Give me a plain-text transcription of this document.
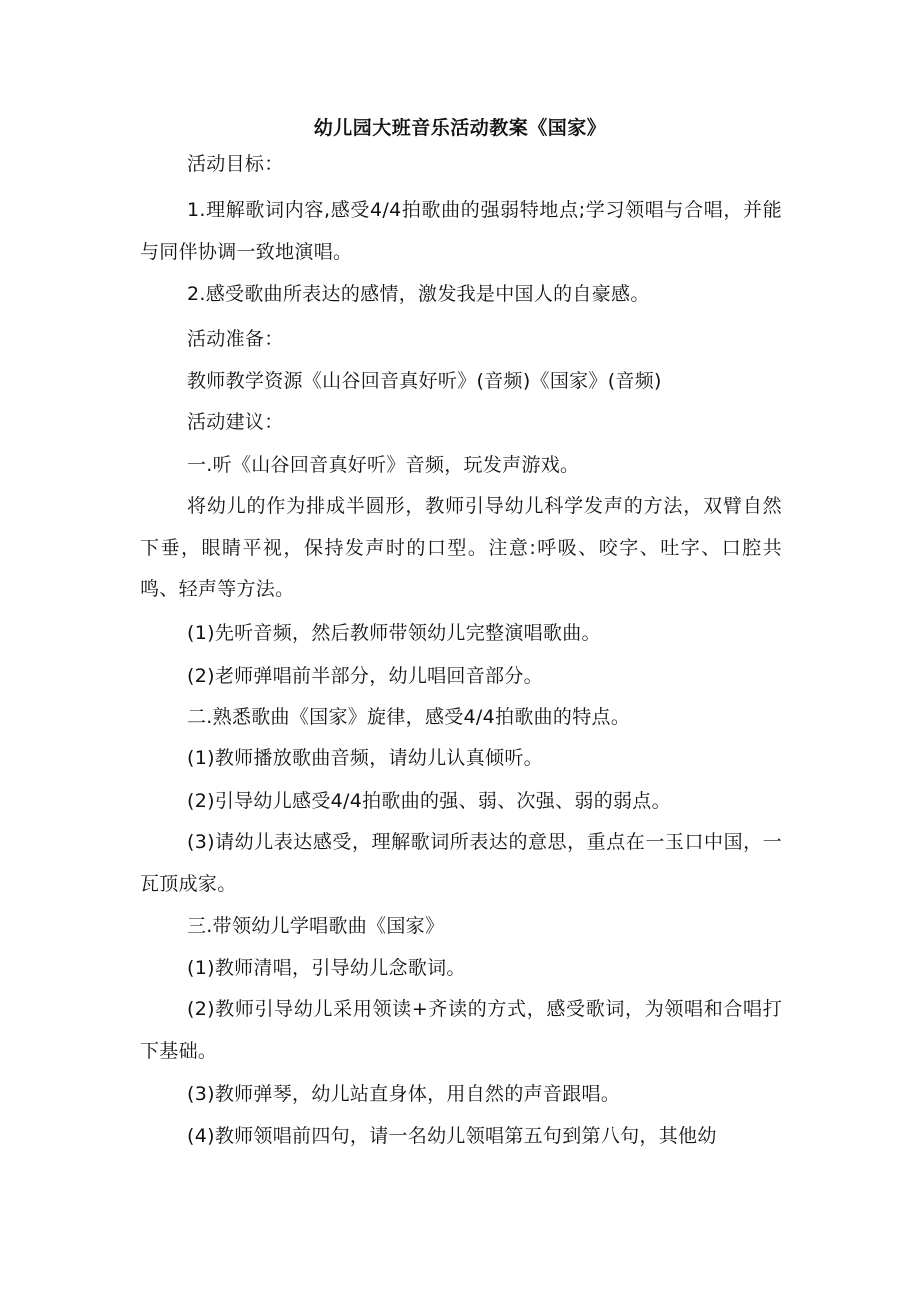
幼儿园大班音乐活动教案《国家》

活动目标：

1.理解歌词内容,感受4/4拍歌曲的强弱特地点;学习领唱与合唱，并能与同伴协调一致地演唱。

2.感受歌曲所表达的感情，激发我是中国人的自豪感。

活动准备：

教师教学资源《山谷回音真好听》(音频)《国家》(音频)

活动建议：

一.听《山谷回音真好听》音频，玩发声游戏。

将幼儿的作为排成半圆形，教师引导幼儿科学发声的方法，双臂自然下垂，眼睛平视，保持发声时的口型。注意:呼吸、咬字、吐字、口腔共鸣、轻声等方法。

(1)先听音频，然后教师带领幼儿完整演唱歌曲。

(2)老师弹唱前半部分，幼儿唱回音部分。

二.熟悉歌曲《国家》旋律，感受4/4拍歌曲的特点。

(1)教师播放歌曲音频，请幼儿认真倾听。

(2)引导幼儿感受4/4拍歌曲的强、弱、次强、弱的弱点。

(3)请幼儿表达感受，理解歌词所表达的意思，重点在一玉口中国，一瓦顶成家。

三.带领幼儿学唱歌曲《国家》

(1)教师清唱，引导幼儿念歌词。

(2)教师引导幼儿采用领读+齐读的方式，感受歌词，为领唱和合唱打下基础。

(3)教师弹琴，幼儿站直身体，用自然的声音跟唱。

(4)教师领唱前四句，请一名幼儿领唱第五句到第八句，其他幼
